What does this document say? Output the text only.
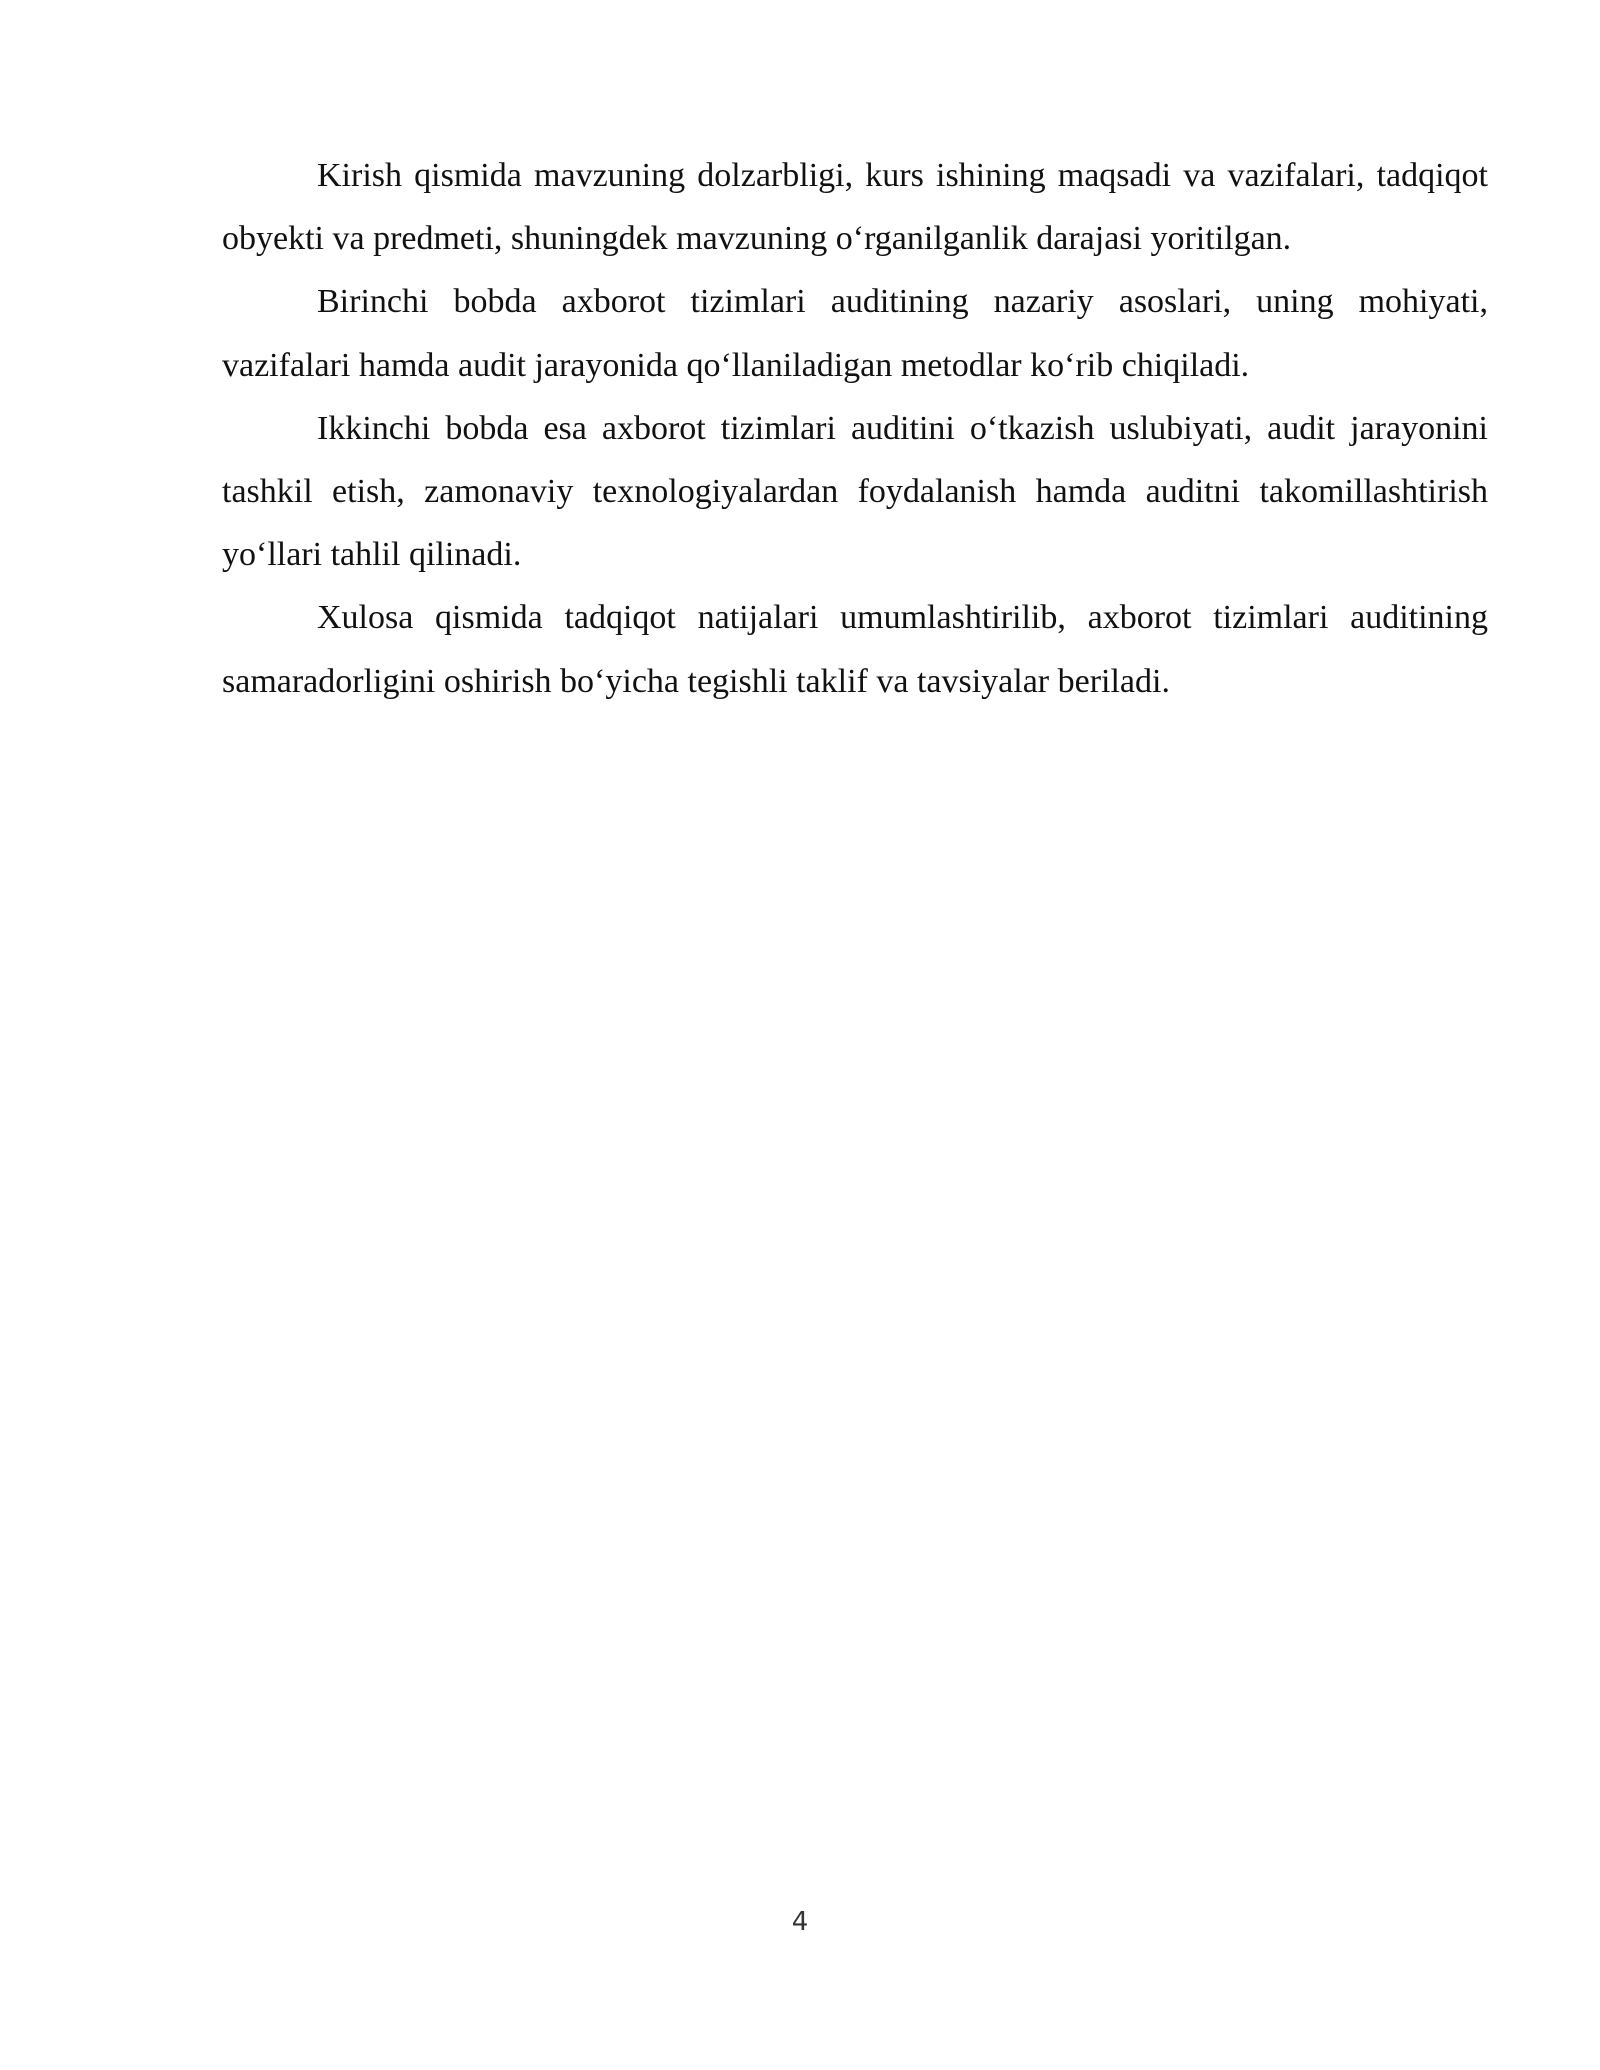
Kirish qismida mavzuning dolzarbligi, kurs ishining maqsadi va vazifalari, tadqiqot obyekti va predmeti, shuningdek mavzuning o‘rganilganlik darajasi yoritilgan.

Birinchi bobda axborot tizimlari auditining nazariy asoslari, uning mohiyati, vazifalari hamda audit jarayonida qo‘llaniladigan metodlar ko‘rib chiqiladi.

Ikkinchi bobda esa axborot tizimlari auditini o‘tkazish uslubiyati, audit jarayonini tashkil etish, zamonaviy texnologiyalardan foydalanish hamda auditni takomillashtirish yo‘llari tahlil qilinadi.

Xulosa qismida tadqiqot natijalari umumlashtirilib, axborot tizimlari auditining samaradorligini oshirish bo‘yicha tegishli taklif va tavsiyalar beriladi.

4
